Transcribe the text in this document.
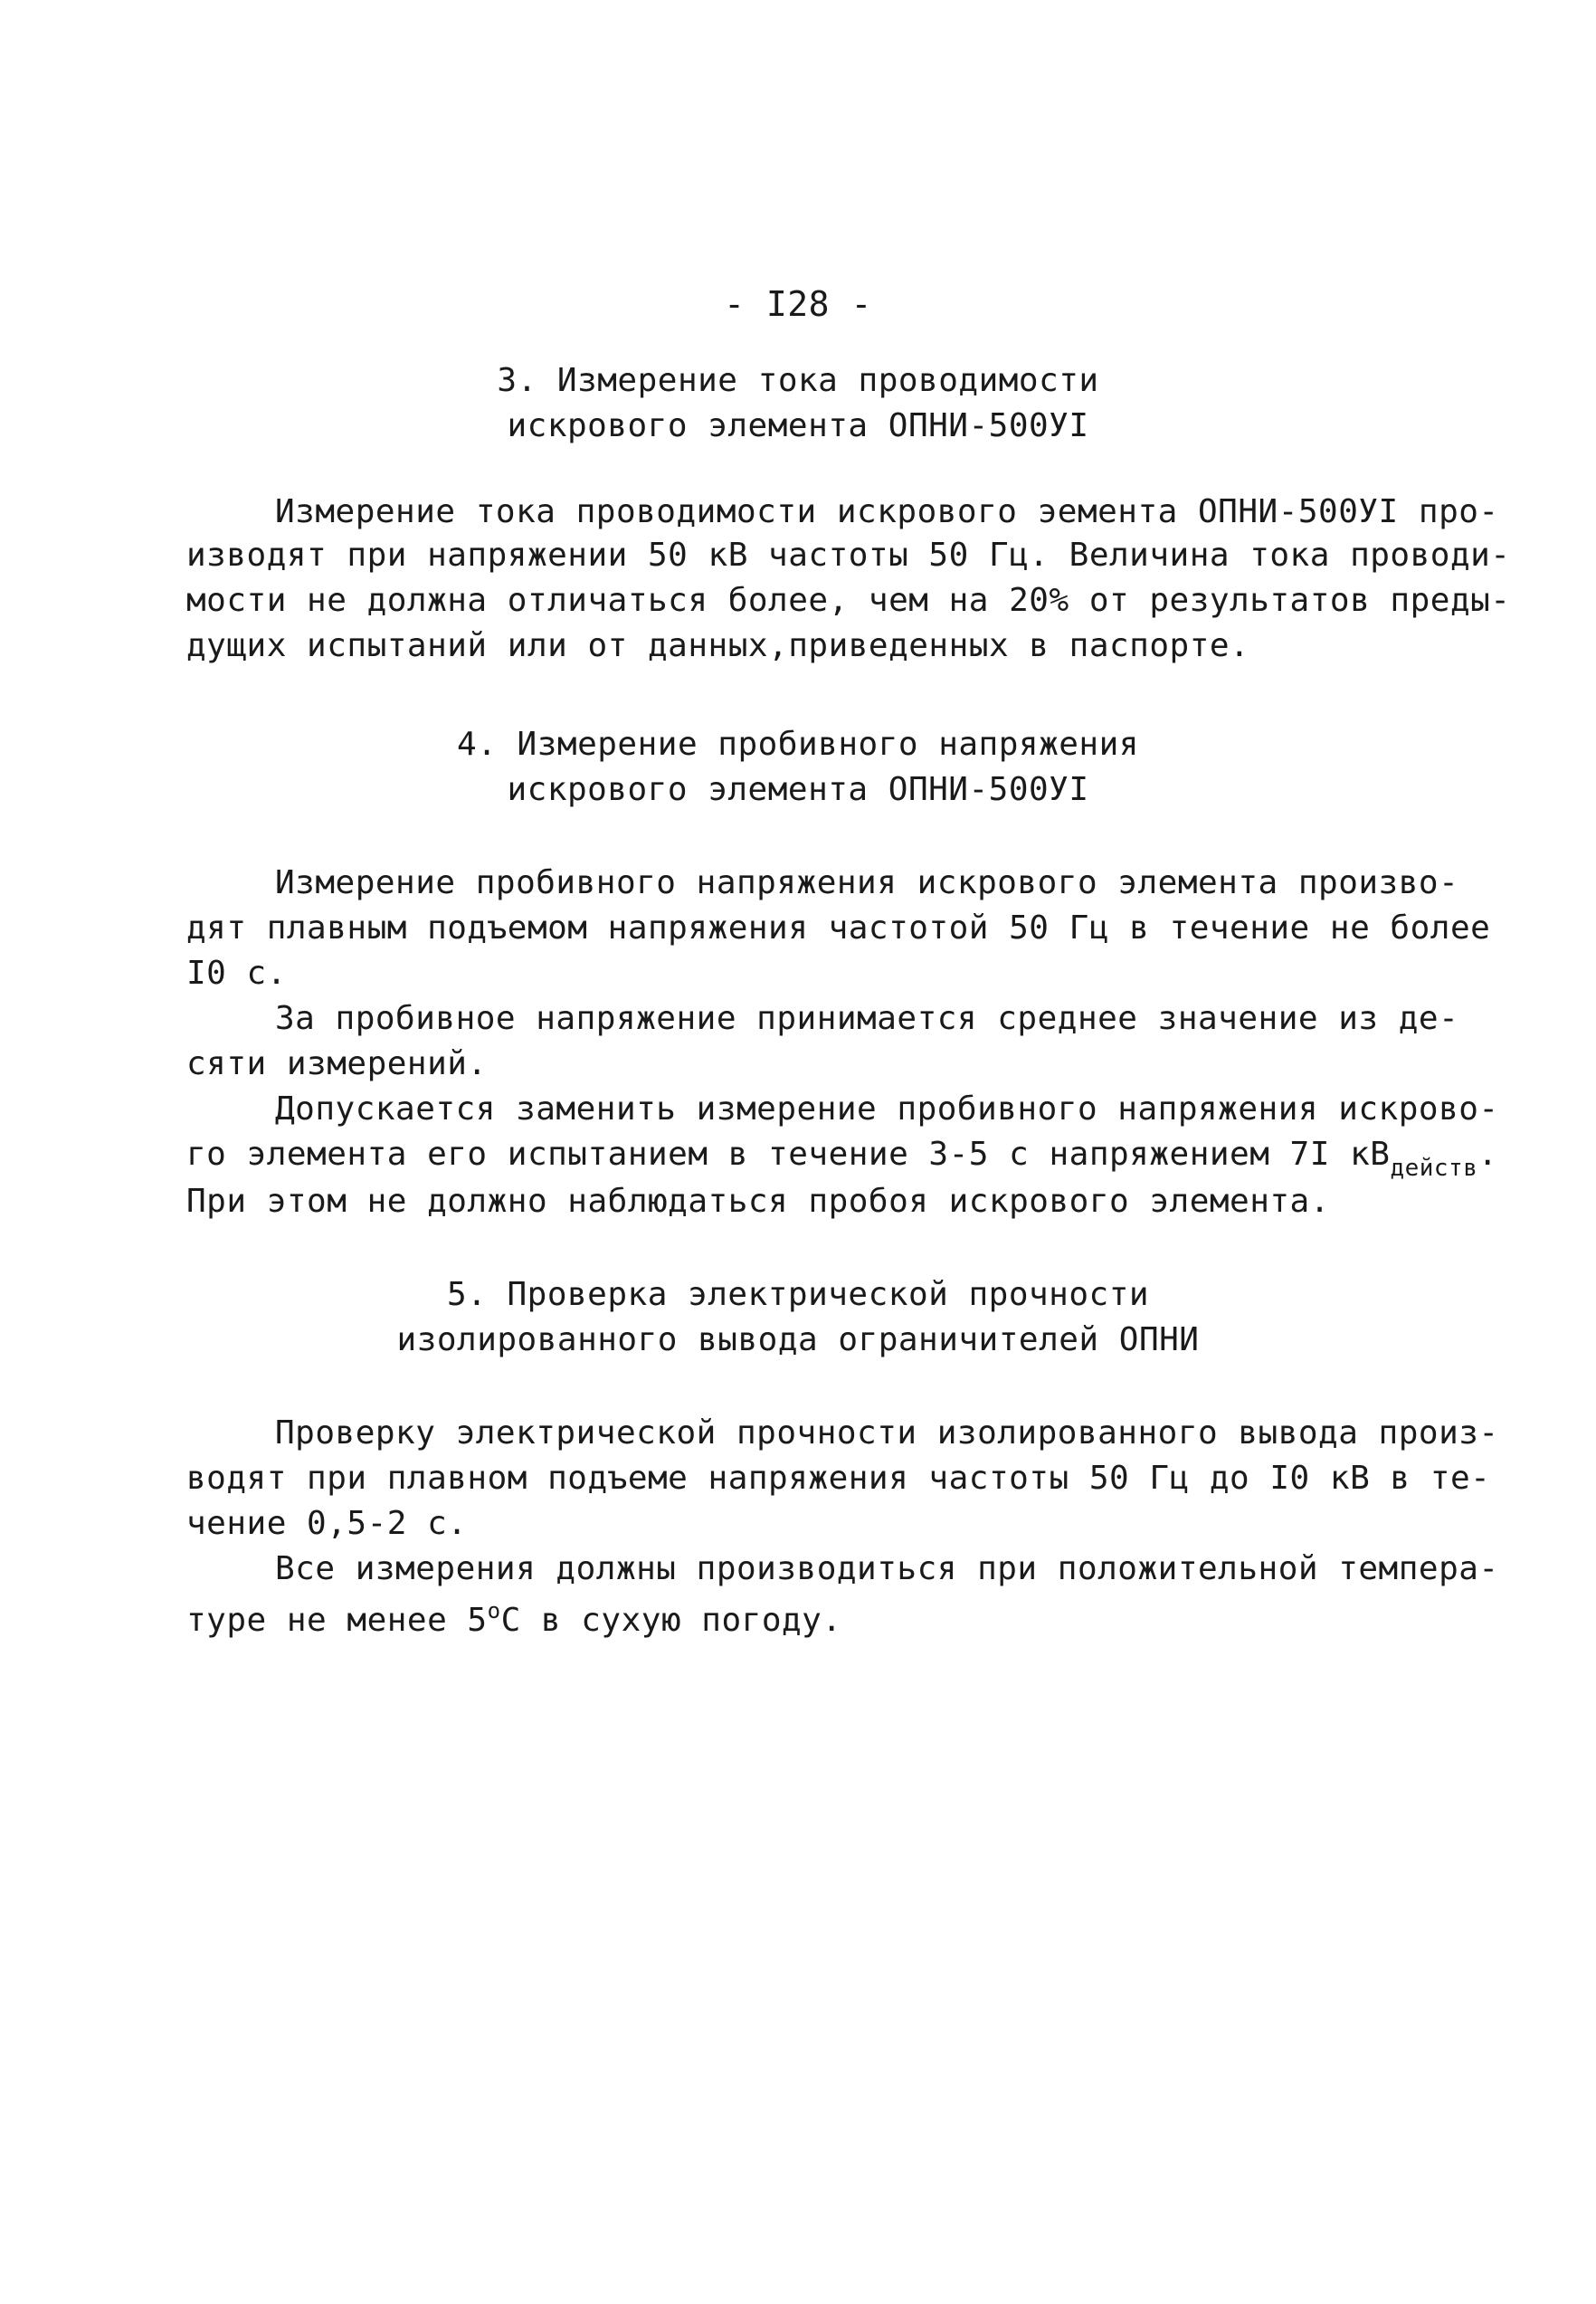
- I28 -
3. Измерение тока проводимости
искрового элемента ОПНИ-500УI
Измерение тока проводимости искрового эемента ОПНИ-500УI про-
изводят при напряжении 50 кВ частоты 50 Гц. Величина тока проводи-
мости не должна отличаться более, чем на 20% от результатов преды-
дущих испытаний или от данных,приведенных в паспорте.
4. Измерение пробивного напряжения
искрового элемента ОПНИ-500УI
Измерение пробивного напряжения искрового элемента произво-
дят плавным подъемом напряжения частотой 50 Гц в течение не более
I0 с.
За пробивное напряжение принимается среднее значение из де-
сяти измерений.
Допускается заменить измерение пробивного напряжения искрово-
го элемента его испытанием в течение 3-5 с напряжением 7I $кВ_{действ}$.
При этом не должно наблюдаться пробоя искрового элемента.
5. Проверка электрической прочности
изолированного вывода ограничителей ОПНИ
Проверку электрической прочности изолированного вывода произ-
водят при плавном подъеме напряжения частоты 50 Гц до I0 кВ в те-
чение 0,5-2 с.
Все измерения должны производиться при положительной темпера-
туре не менее $5^оС$ в сухую погоду.
